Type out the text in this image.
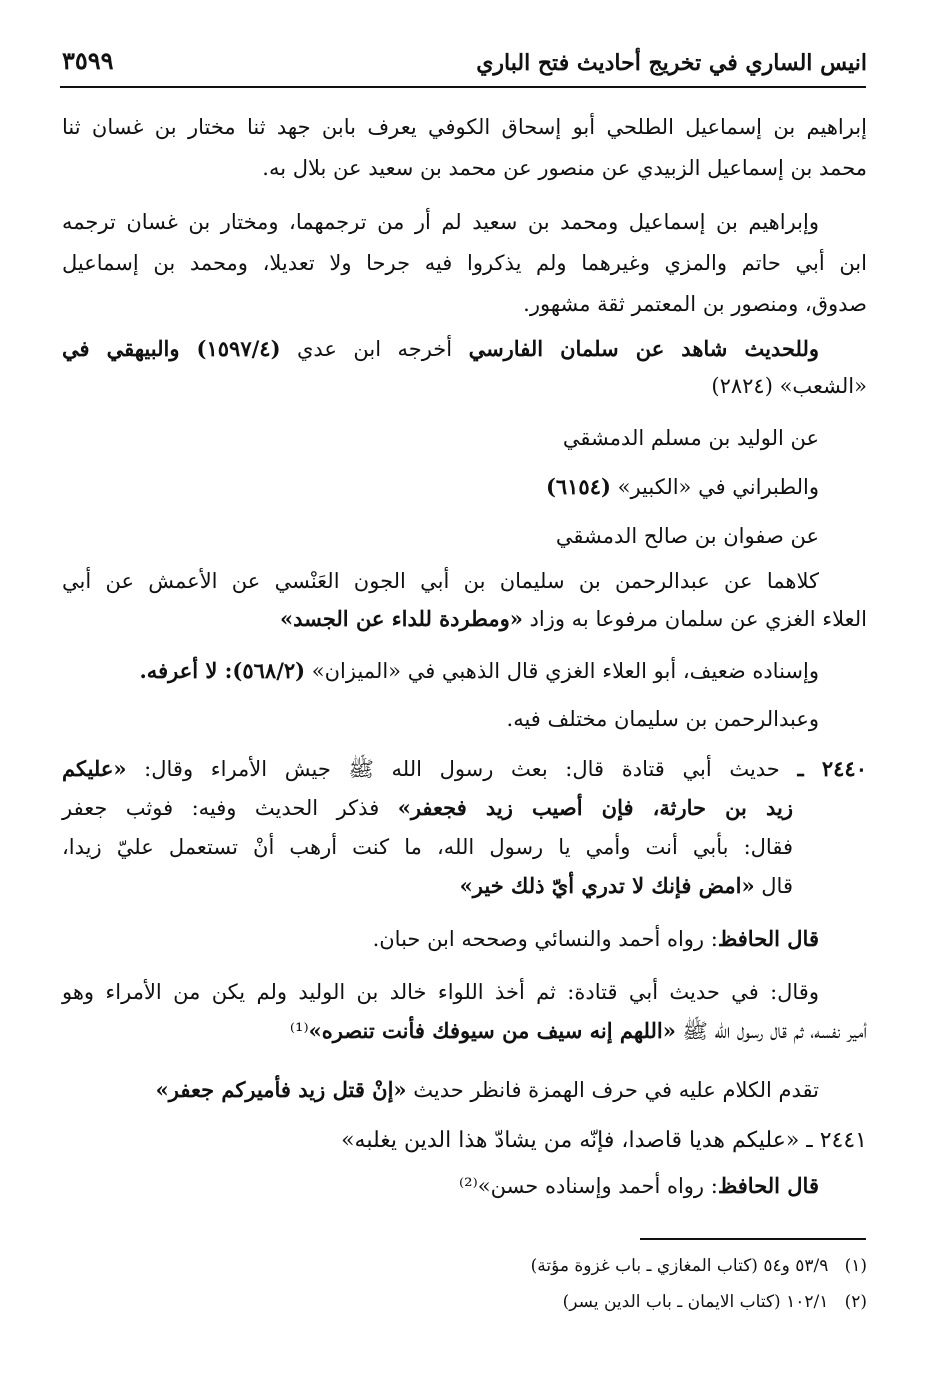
انيس الساري في تخريج أحاديث فتح الباري
٣٥٩٩
إبراهيم بن إسماعيل الطلحي أبو إسحاق الكوفي يعرف بابن جهد ثنا مختار بن غسان ثنا
محمد بن إسماعيل الزبيدي عن منصور عن محمد بن سعيد عن بلال به.
وإبراهيم بن إسماعيل ومحمد بن سعيد لم أر من ترجمهما، ومختار بن غسان ترجمه
ابن أبي حاتم والمزي وغيرهما ولم يذكروا فيه جرحا ولا تعديلا، ومحمد بن إسماعيل
صدوق، ومنصور بن المعتمر ثقة مشهور.
وللحديث شاهد عن سلمان الفارسي أخرجه ابن عدي (١٥٩٧/٤) والبيهقي في
«الشعب» (٢٨٢٤)
عن الوليد بن مسلم الدمشقي
والطبراني في «الكبير» (٦١٥٤)
عن صفوان بن صالح الدمشقي
كلاهما عن عبدالرحمن بن سليمان بن أبي الجون العَنْسي عن الأعمش عن أبي
العلاء الغزي عن سلمان مرفوعا به وزاد «ومطردة للداء عن الجسد»
وإسناده ضعيف، أبو العلاء الغزي قال الذهبي في «الميزان» (٥٦٨/٢): لا أعرفه.
وعبدالرحمن بن سليمان مختلف فيه.
٢٤٤٠ ـ حديث أبي قتادة قال: بعث رسول الله ﷺ جيش الأمراء وقال: «عليكم
زيد بن حارثة، فإن أصيب زيد فجعفر» فذكر الحديث وفيه: فوثب جعفر
فقال: بأبي أنت وأمي يا رسول الله، ما كنت أرهب أنْ تستعمل عليّ زيدا،
قال «امض فإنك لا تدري أيّ ذلك خير»
قال الحافظ: رواه أحمد والنسائي وصححه ابن حبان.
وقال: في حديث أبي قتادة: ثم أخذ اللواء خالد بن الوليد ولم يكن من الأمراء وهو
أمير نفسه، ثم قال رسول الله ﷺ «اللهم إنه سيف من سيوفك فأنت تنصره»⁽¹⁾
تقدم الكلام عليه في حرف الهمزة فانظر حديث «إنْ قتل زيد فأميركم جعفر»
٢٤٤١ ـ «عليكم هديا قاصدا، فإنّه من يشادّ هذا الدين يغلبه»
قال الحافظ: رواه أحمد وإسناده حسن»⁽²⁾
(١)   ٥٣/٩ و٥٤ (كتاب المغازي ـ باب غزوة مؤتة)
(٢)   ١٠٢/١ (كتاب الايمان ـ باب الدين يسر)
